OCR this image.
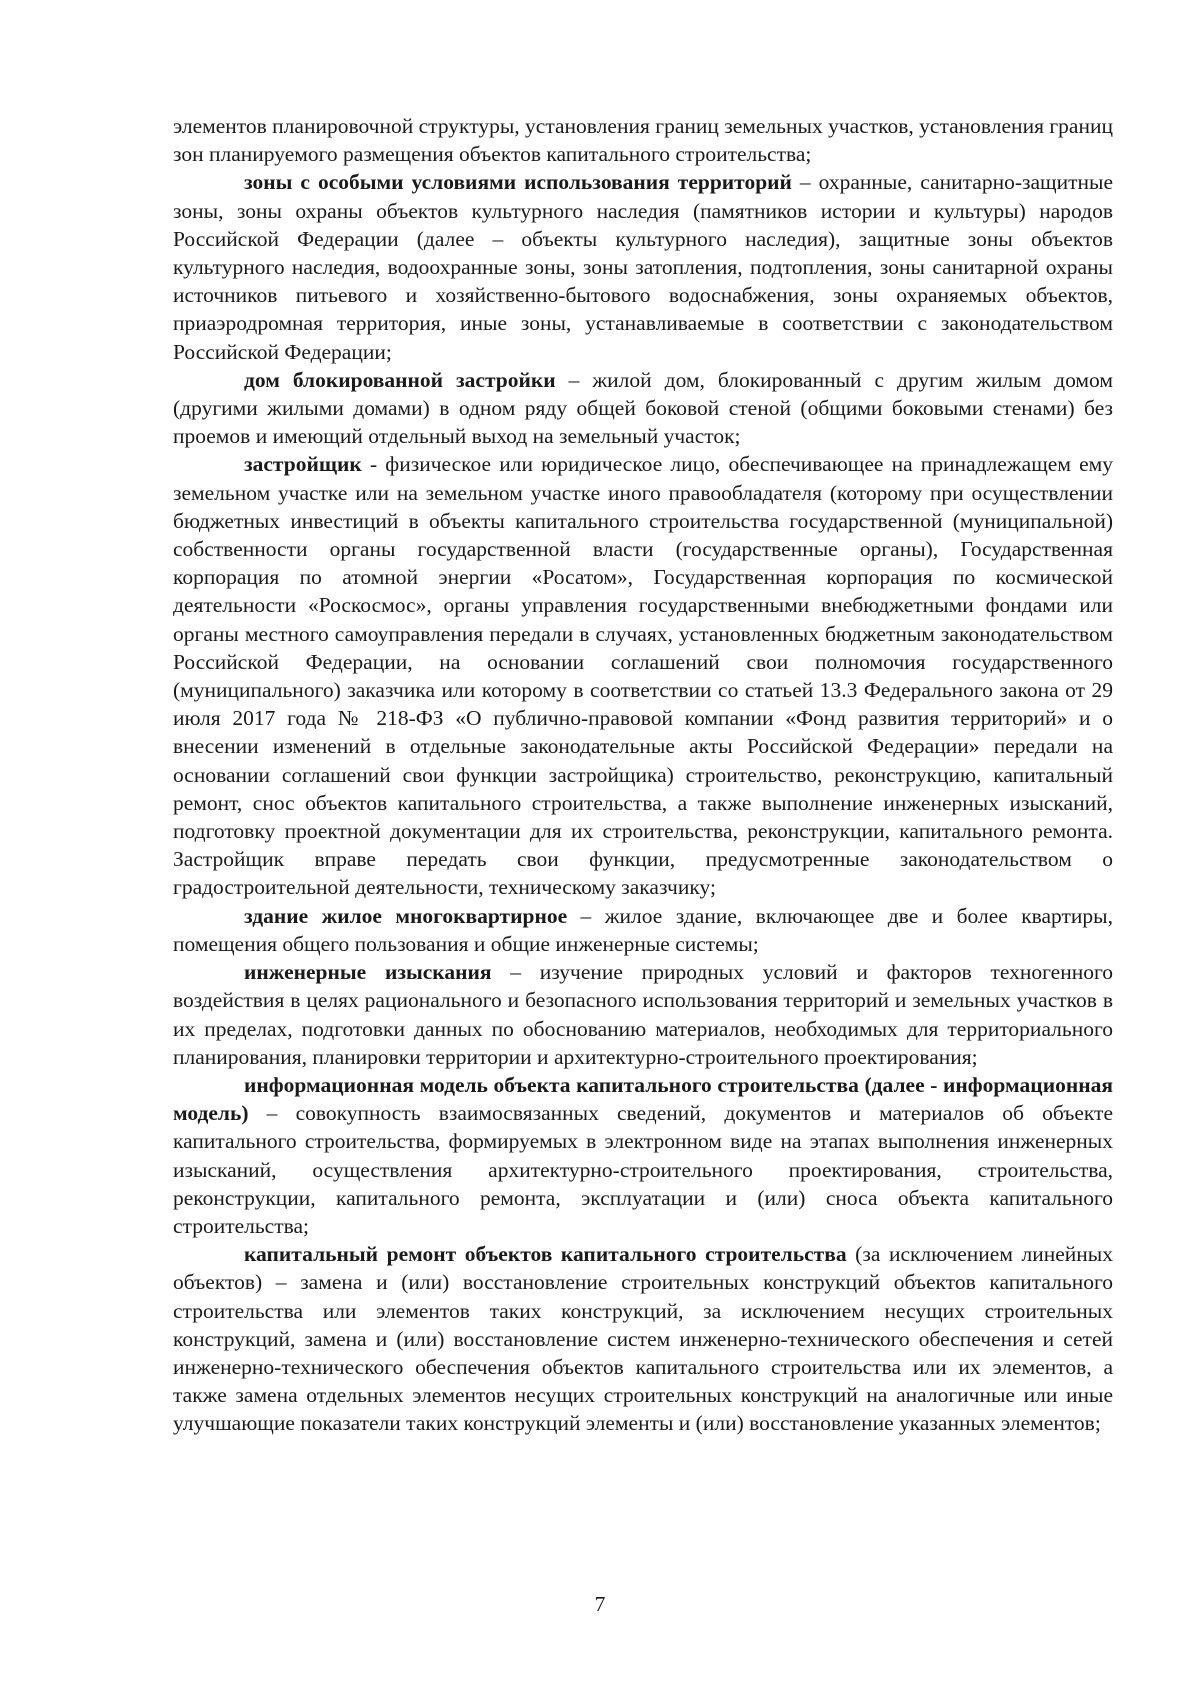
элементов планировочной структуры, установления границ земельных участков, установления границ зон планируемого размещения объектов капитального строительства;

зоны с особыми условиями использования территорий – охранные, санитарно-защитные зоны, зоны охраны объектов культурного наследия (памятников истории и культуры) народов Российской Федерации (далее – объекты культурного наследия), защитные зоны объектов культурного наследия, водоохранные зоны, зоны затопления, подтопления, зоны санитарной охраны источников питьевого и хозяйственно-бытового водоснабжения, зоны охраняемых объектов, приаэродромная территория, иные зоны, устанавливаемые в соответствии с законодательством Российской Федерации;

дом блокированной застройки – жилой дом, блокированный с другим жилым домом (другими жилыми домами) в одном ряду общей боковой стеной (общими боковыми стенами) без проемов и имеющий отдельный выход на земельный участок;

застройщик - физическое или юридическое лицо, обеспечивающее на принадлежащем ему земельном участке или на земельном участке иного правообладателя (которому при осуществлении бюджетных инвестиций в объекты капитального строительства государственной (муниципальной) собственности органы государственной власти (государственные органы), Государственная корпорация по атомной энергии «Росатом», Государственная корпорация по космической деятельности «Роскосмос», органы управления государственными внебюджетными фондами или органы местного самоуправления передали в случаях, установленных бюджетным законодательством Российской Федерации, на основании соглашений свои полномочия государственного (муниципального) заказчика или которому в соответствии со статьей 13.3 Федерального закона от 29 июля 2017 года № 218-ФЗ «О публично-правовой компании «Фонд развития территорий» и о внесении изменений в отдельные законодательные акты Российской Федерации» передали на основании соглашений свои функции застройщика) строительство, реконструкцию, капитальный ремонт, снос объектов капитального строительства, а также выполнение инженерных изысканий, подготовку проектной документации для их строительства, реконструкции, капитального ремонта. Застройщик вправе передать свои функции, предусмотренные законодательством о градостроительной деятельности, техническому заказчику;

здание жилое многоквартирное – жилое здание, включающее две и более квартиры, помещения общего пользования и общие инженерные системы;

инженерные изыскания – изучение природных условий и факторов техногенного воздействия в целях рационального и безопасного использования территорий и земельных участков в их пределах, подготовки данных по обоснованию материалов, необходимых для территориального планирования, планировки территории и архитектурно-строительного проектирования;

информационная модель объекта капитального строительства (далее - информационная модель) – совокупность взаимосвязанных сведений, документов и материалов об объекте капитального строительства, формируемых в электронном виде на этапах выполнения инженерных изысканий, осуществления архитектурно-строительного проектирования, строительства, реконструкции, капитального ремонта, эксплуатации и (или) сноса объекта капитального строительства;

капитальный ремонт объектов капитального строительства (за исключением линейных объектов) – замена и (или) восстановление строительных конструкций объектов капитального строительства или элементов таких конструкций, за исключением несущих строительных конструкций, замена и (или) восстановление систем инженерно-технического обеспечения и сетей инженерно-технического обеспечения объектов капитального строительства или их элементов, а также замена отдельных элементов несущих строительных конструкций на аналогичные или иные улучшающие показатели таких конструкций элементы и (или) восстановление указанных элементов;

7
